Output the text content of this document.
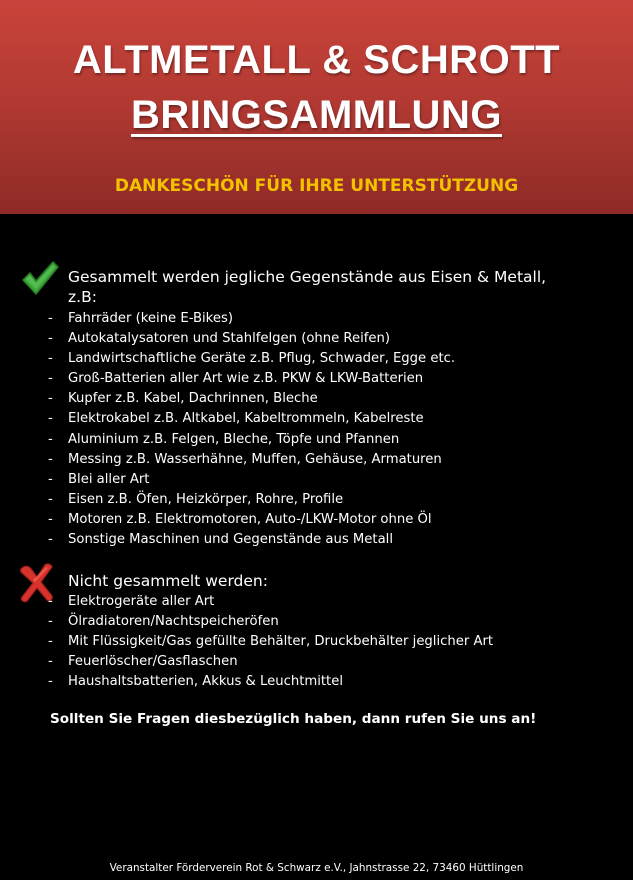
ALTMETALL & SCHROTT
BRINGSAMMLUNG
DANKESCHÖN FÜR IHRE UNTERSTÜTZUNG
Gesammelt werden jegliche Gegenstände aus Eisen & Metall,
z.B:
- Fahrräder (keine E-Bikes)
- Autokatalysatoren und Stahlfelgen (ohne Reifen)
- Landwirtschaftliche Geräte z.B. Pflug, Schwader, Egge etc.
- Groß-Batterien aller Art wie z.B. PKW & LKW-Batterien
- Kupfer z.B. Kabel, Dachrinnen, Bleche
- Elektrokabel z.B. Altkabel, Kabeltrommeln, Kabelreste
- Aluminium z.B. Felgen, Bleche, Töpfe und Pfannen
- Messing z.B. Wasserhähne, Muffen, Gehäuse, Armaturen
- Blei aller Art
- Eisen z.B. Öfen, Heizkörper, Rohre, Profile
- Motoren z.B. Elektromotoren, Auto-/LKW-Motor ohne Öl
- Sonstige Maschinen und Gegenstände aus Metall
Nicht gesammelt werden:
- Elektrogeräte aller Art
- Ölradiatoren/Nachtspeicheröfen
- Mit Flüssigkeit/Gas gefüllte Behälter, Druckbehälter jeglicher Art
- Feuerlöscher/Gasflaschen
- Haushaltsbatterien, Akkus & Leuchtmittel
Sollten Sie Fragen diesbezüglich haben, dann rufen Sie uns an!
Veranstalter Förderverein Rot & Schwarz e.V., Jahnstrasse 22, 73460 Hüttlingen
